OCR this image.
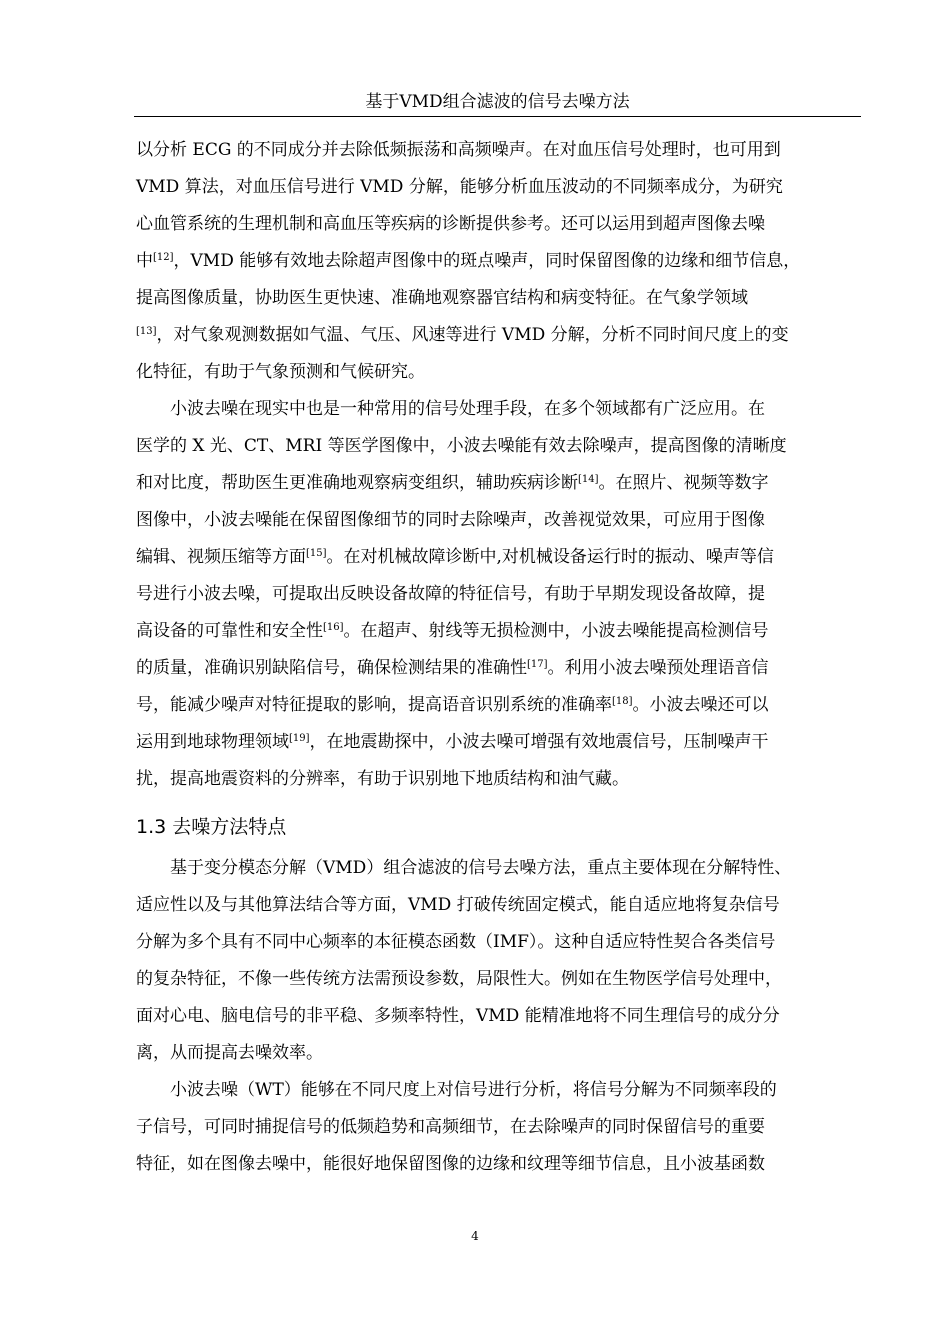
基于VMD组合滤波的信号去噪方法

以分析 ECG 的不同成分并去除低频振荡和高频噪声。在对血压信号处理时，也可用到
VMD 算法，对血压信号进行 VMD 分解，能够分析血压波动的不同频率成分，为研究
心血管系统的生理机制和高血压等疾病的诊断提供参考。还可以运用到超声图像去噪
中[12]，VMD 能够有效地去除超声图像中的斑点噪声，同时保留图像的边缘和细节信息，
提高图像质量，协助医生更快速、准确地观察器官结构和病变特征。在气象学领域
[13]，对气象观测数据如气温、气压、风速等进行 VMD 分解，分析不同时间尺度上的变
化特征，有助于气象预测和气候研究。

小波去噪在现实中也是一种常用的信号处理手段，在多个领域都有广泛应用。在
医学的 X 光、CT、MRI 等医学图像中，小波去噪能有效去除噪声，提高图像的清晰度
和对比度，帮助医生更准确地观察病变组织，辅助疾病诊断[14]。在照片、视频等数字
图像中，小波去噪能在保留图像细节的同时去除噪声，改善视觉效果，可应用于图像
编辑、视频压缩等方面[15]。在对机械故障诊断中,对机械设备运行时的振动、噪声等信
号进行小波去噪，可提取出反映设备故障的特征信号，有助于早期发现设备故障，提
高设备的可靠性和安全性[16]。在超声、射线等无损检测中，小波去噪能提高检测信号
的质量，准确识别缺陷信号，确保检测结果的准确性[17]。利用小波去噪预处理语音信
号，能减少噪声对特征提取的影响，提高语音识别系统的准确率[18]。小波去噪还可以
运用到地球物理领域[19]，在地震勘探中，小波去噪可增强有效地震信号，压制噪声干
扰，提高地震资料的分辨率，有助于识别地下地质结构和油气藏。

1.3 去噪方法特点

基于变分模态分解（VMD）组合滤波的信号去噪方法，重点主要体现在分解特性、
适应性以及与其他算法结合等方面，VMD 打破传统固定模式，能自适应地将复杂信号
分解为多个具有不同中心频率的本征模态函数（IMF）。这种自适应特性契合各类信号
的复杂特征，不像一些传统方法需预设参数，局限性大。例如在生物医学信号处理中，
面对心电、脑电信号的非平稳、多频率特性，VMD 能精准地将不同生理信号的成分分
离，从而提高去噪效率。

小波去噪（WT）能够在不同尺度上对信号进行分析，将信号分解为不同频率段的
子信号，可同时捕捉信号的低频趋势和高频细节，在去除噪声的同时保留信号的重要
特征，如在图像去噪中，能很好地保留图像的边缘和纹理等细节信息，且小波基函数

4
